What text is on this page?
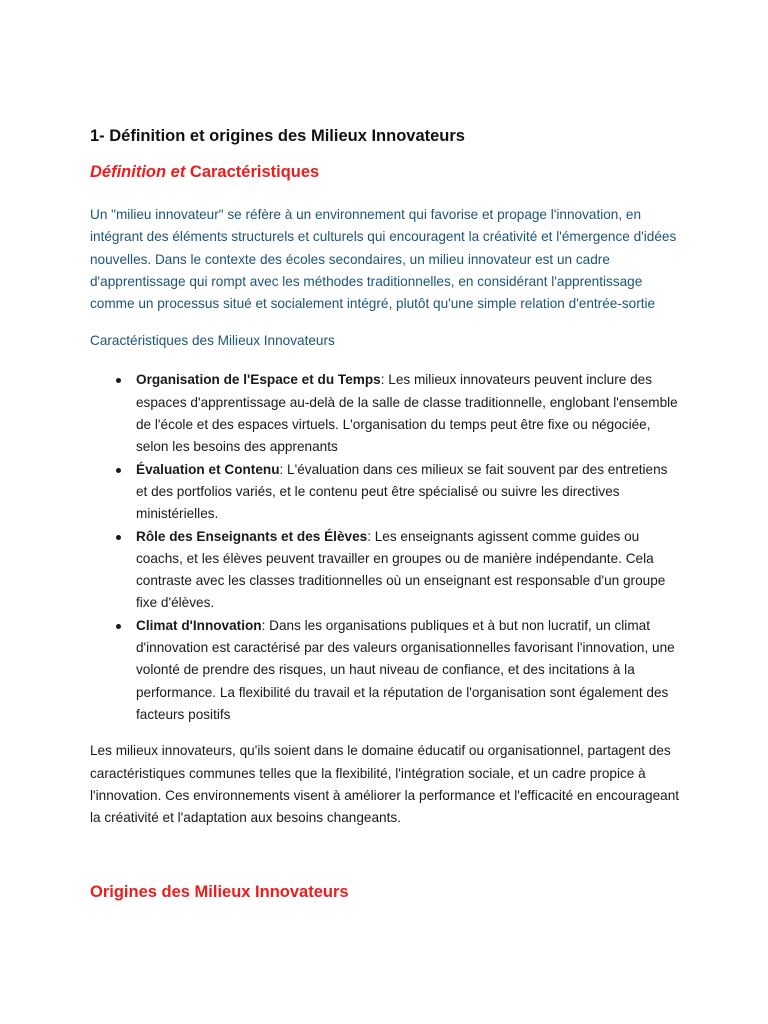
1- Définition et origines des Milieux Innovateurs
Définition et Caractéristiques

Un "milieu innovateur" se réfère à un environnement qui favorise et propage l'innovation, en intégrant des éléments structurels et culturels qui encouragent la créativité et l'émergence d'idées nouvelles. Dans le contexte des écoles secondaires, un milieu innovateur est un cadre d'apprentissage qui rompt avec les méthodes traditionnelles, en considérant l'apprentissage comme un processus situé et socialement intégré, plutôt qu'une simple relation d'entrée-sortie

Caractéristiques des Milieux Innovateurs

Organisation de l'Espace et du Temps: Les milieux innovateurs peuvent inclure des espaces d'apprentissage au-delà de la salle de classe traditionnelle, englobant l'ensemble de l'école et des espaces virtuels. L'organisation du temps peut être fixe ou négociée, selon les besoins des apprenants
Évaluation et Contenu: L'évaluation dans ces milieux se fait souvent par des entretiens et des portfolios variés, et le contenu peut être spécialisé ou suivre les directives ministérielles.
Rôle des Enseignants et des Élèves: Les enseignants agissent comme guides ou coachs, et les élèves peuvent travailler en groupes ou de manière indépendante. Cela contraste avec les classes traditionnelles où un enseignant est responsable d'un groupe fixe d'élèves.
Climat d'Innovation: Dans les organisations publiques et à but non lucratif, un climat d'innovation est caractérisé par des valeurs organisationnelles favorisant l'innovation, une volonté de prendre des risques, un haut niveau de confiance, et des incitations à la performance. La flexibilité du travail et la réputation de l'organisation sont également des facteurs positifs

Les milieux innovateurs, qu'ils soient dans le domaine éducatif ou organisationnel, partagent des caractéristiques communes telles que la flexibilité, l'intégration sociale, et un cadre propice à l'innovation. Ces environnements visent à améliorer la performance et l'efficacité en encourageant la créativité et l'adaptation aux besoins changeants.

Origines des Milieux Innovateurs
